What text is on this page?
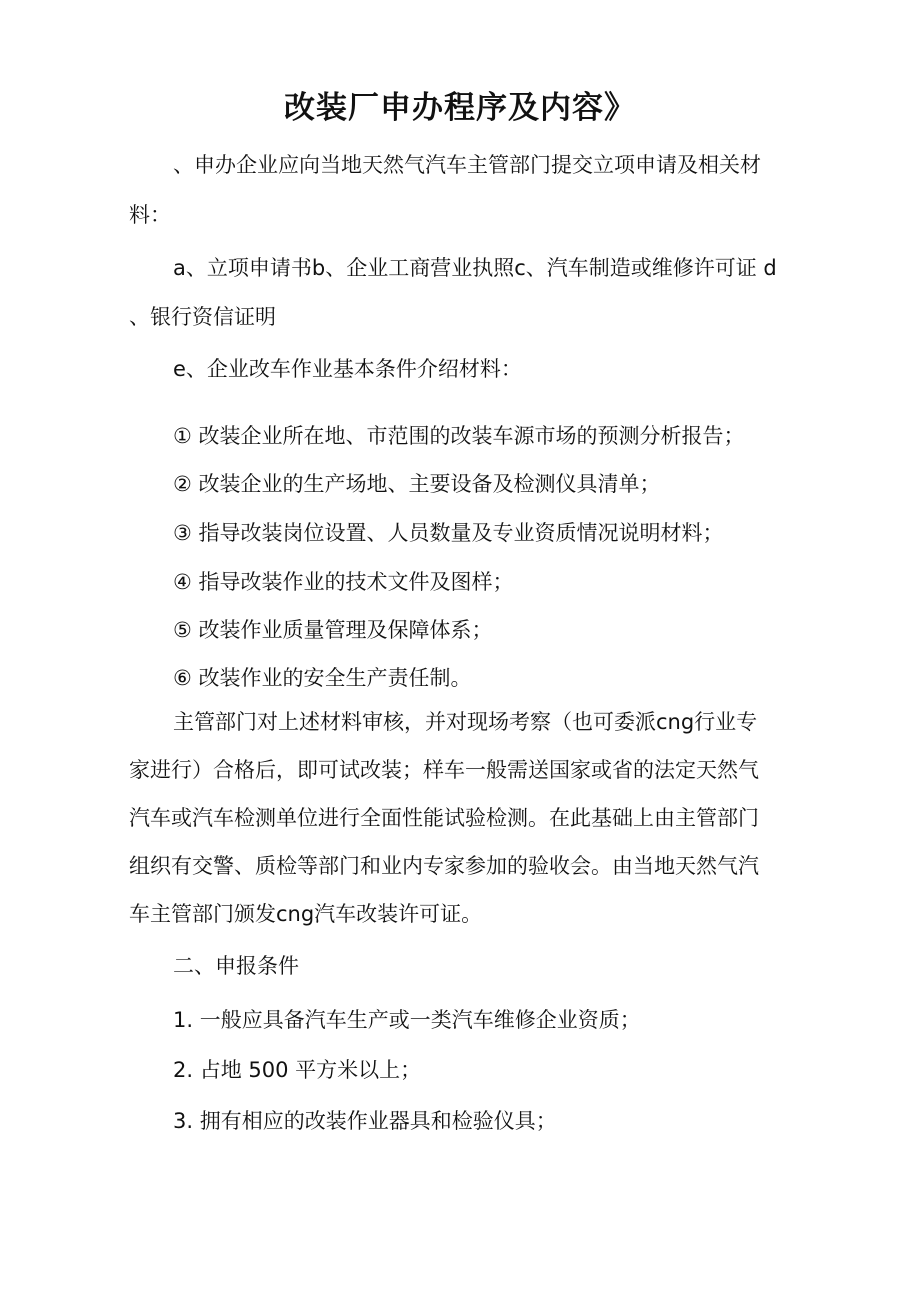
改装厂申办程序及内容》
、申办企业应向当地天然气汽车主管部门提交立项申请及相关材
料：
a、立项申请书b、企业工商营业执照c、汽车制造或维修许可证 d
、银行资信证明
e、企业改车作业基本条件介绍材料：
① 改装企业所在地、市范围的改装车源市场的预测分析报告；
② 改装企业的生产场地、主要设备及检测仪具清单；
③ 指导改装岗位设置、人员数量及专业资质情况说明材料；
④ 指导改装作业的技术文件及图样；
⑤ 改装作业质量管理及保障体系；
⑥ 改装作业的安全生产责任制。
主管部门对上述材料审核，并对现场考察（也可委派cng行业专
家进行）合格后，即可试改装；样车一般需送国家或省的法定天然气
汽车或汽车检测单位进行全面性能试验检测。在此基础上由主管部门
组织有交警、质检等部门和业内专家参加的验收会。由当地天然气汽
车主管部门颁发cng汽车改装许可证。
二、申报条件
1. 一般应具备汽车生产或一类汽车维修企业资质；
2. 占地 500 平方米以上；
3. 拥有相应的改装作业器具和检验仪具；
